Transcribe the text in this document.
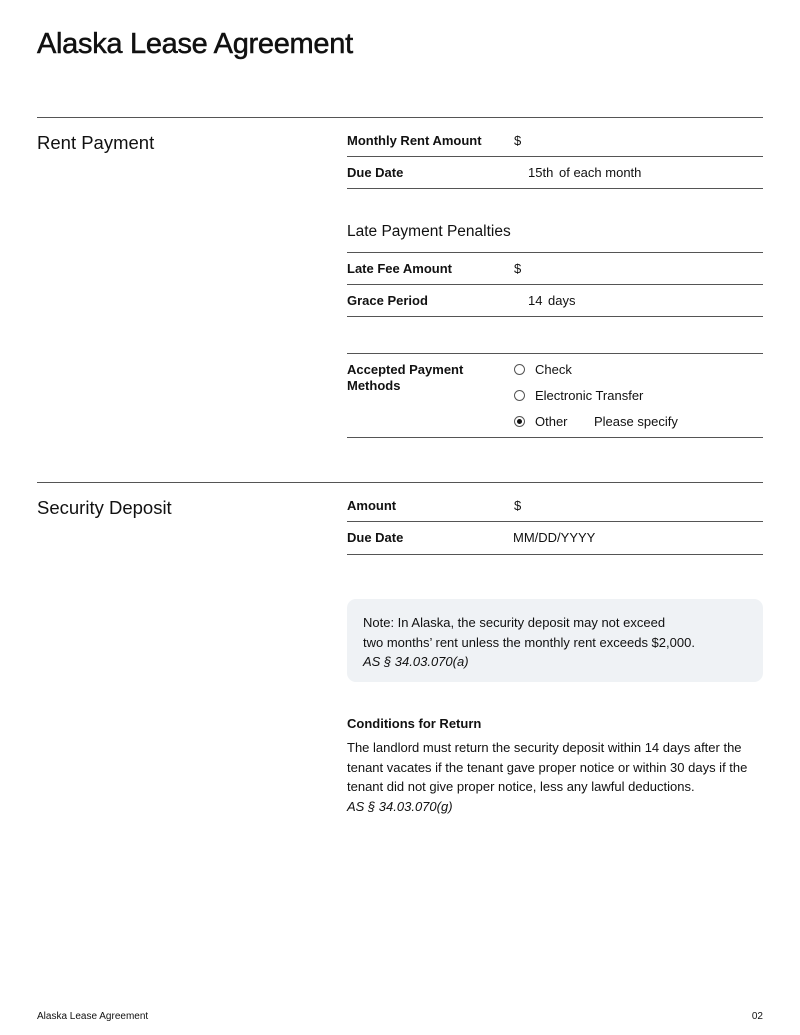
Alaska Lease Agreement
Rent Payment	Monthly Rent Amount $
Due Date	15th of each month
Late Payment Penalties
Late Fee Amount	$
Grace Period	14 days
Accepted Payment Methods
Check
Electronic Transfer
Other Please specify
Security Deposit	Amount	$
Due Date	MM/DD/YYYY
Note: In Alaska, the security deposit may not exceed
two months’ rent unless the monthly rent exceeds $2,000.
AS § 34.03.070(a)
Conditions for Return
The landlord must return the security deposit within 14 days after the
tenant vacates if the tenant gave proper notice or within 30 days if the
tenant did not give proper notice, less any lawful deductions.
AS § 34.03.070(g)
Alaska Lease Agreement	02
